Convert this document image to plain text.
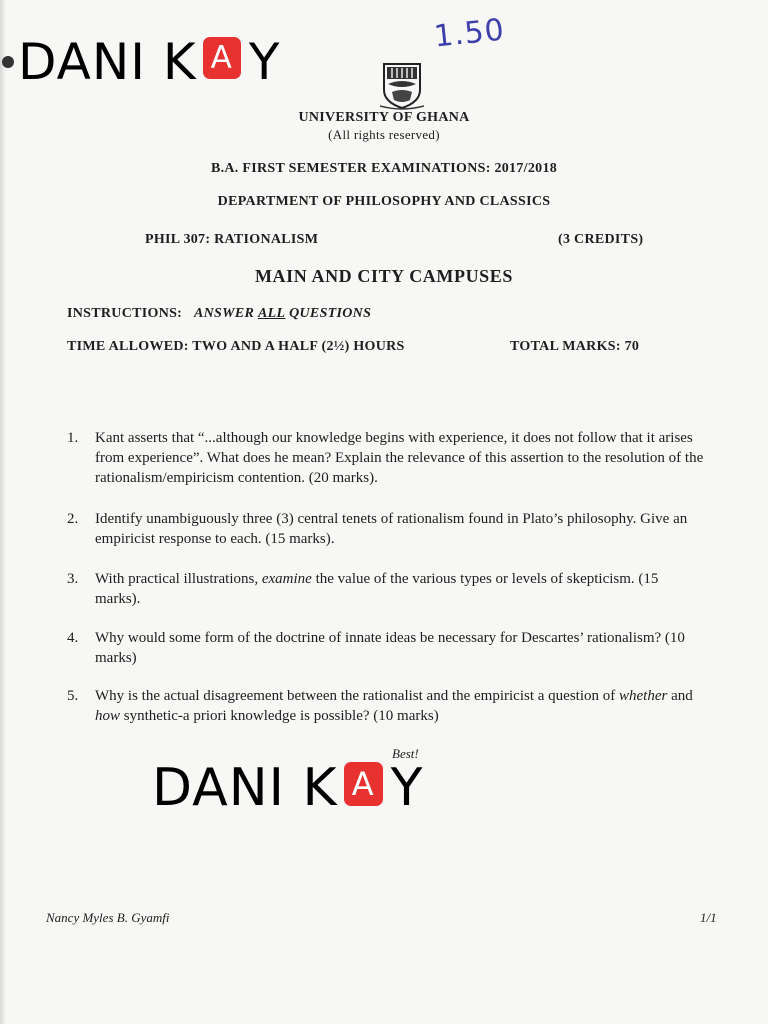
DANI K A Y	1.50
UNIVERSITY OF GHANA
(All rights reserved)
B.A. FIRST SEMESTER EXAMINATIONS: 2017/2018
DEPARTMENT OF PHILOSOPHY AND CLASSICS
PHIL 307: RATIONALISM	(3 CREDITS)
MAIN AND CITY CAMPUSES
INSTRUCTIONS: ANSWER ALL QUESTIONS
TIME ALLOWED: TWO AND A HALF (2½) HOURS	TOTAL MARKS: 70
1.	Kant asserts that “...although our knowledge begins with experience, it does not follow that it arises from experience”. What does he mean? Explain the relevance of this assertion to the resolution of the rationalism/empiricism contention. (20 marks).
2.	Identify unambiguously three (3) central tenets of rationalism found in Plato’s philosophy. Give an empiricist response to each. (15 marks).
3.	With practical illustrations, examine the value of the various types or levels of skepticism. (15 marks).
4.	Why would some form of the doctrine of innate ideas be necessary for Descartes’ rationalism? (10 marks)
5.	Why is the actual disagreement between the rationalist and the empiricist a question of whether and how synthetic-a priori knowledge is possible? (10 marks)
Best!
DANI K A Y
Nancy Myles B. Gyamfi	1/1
